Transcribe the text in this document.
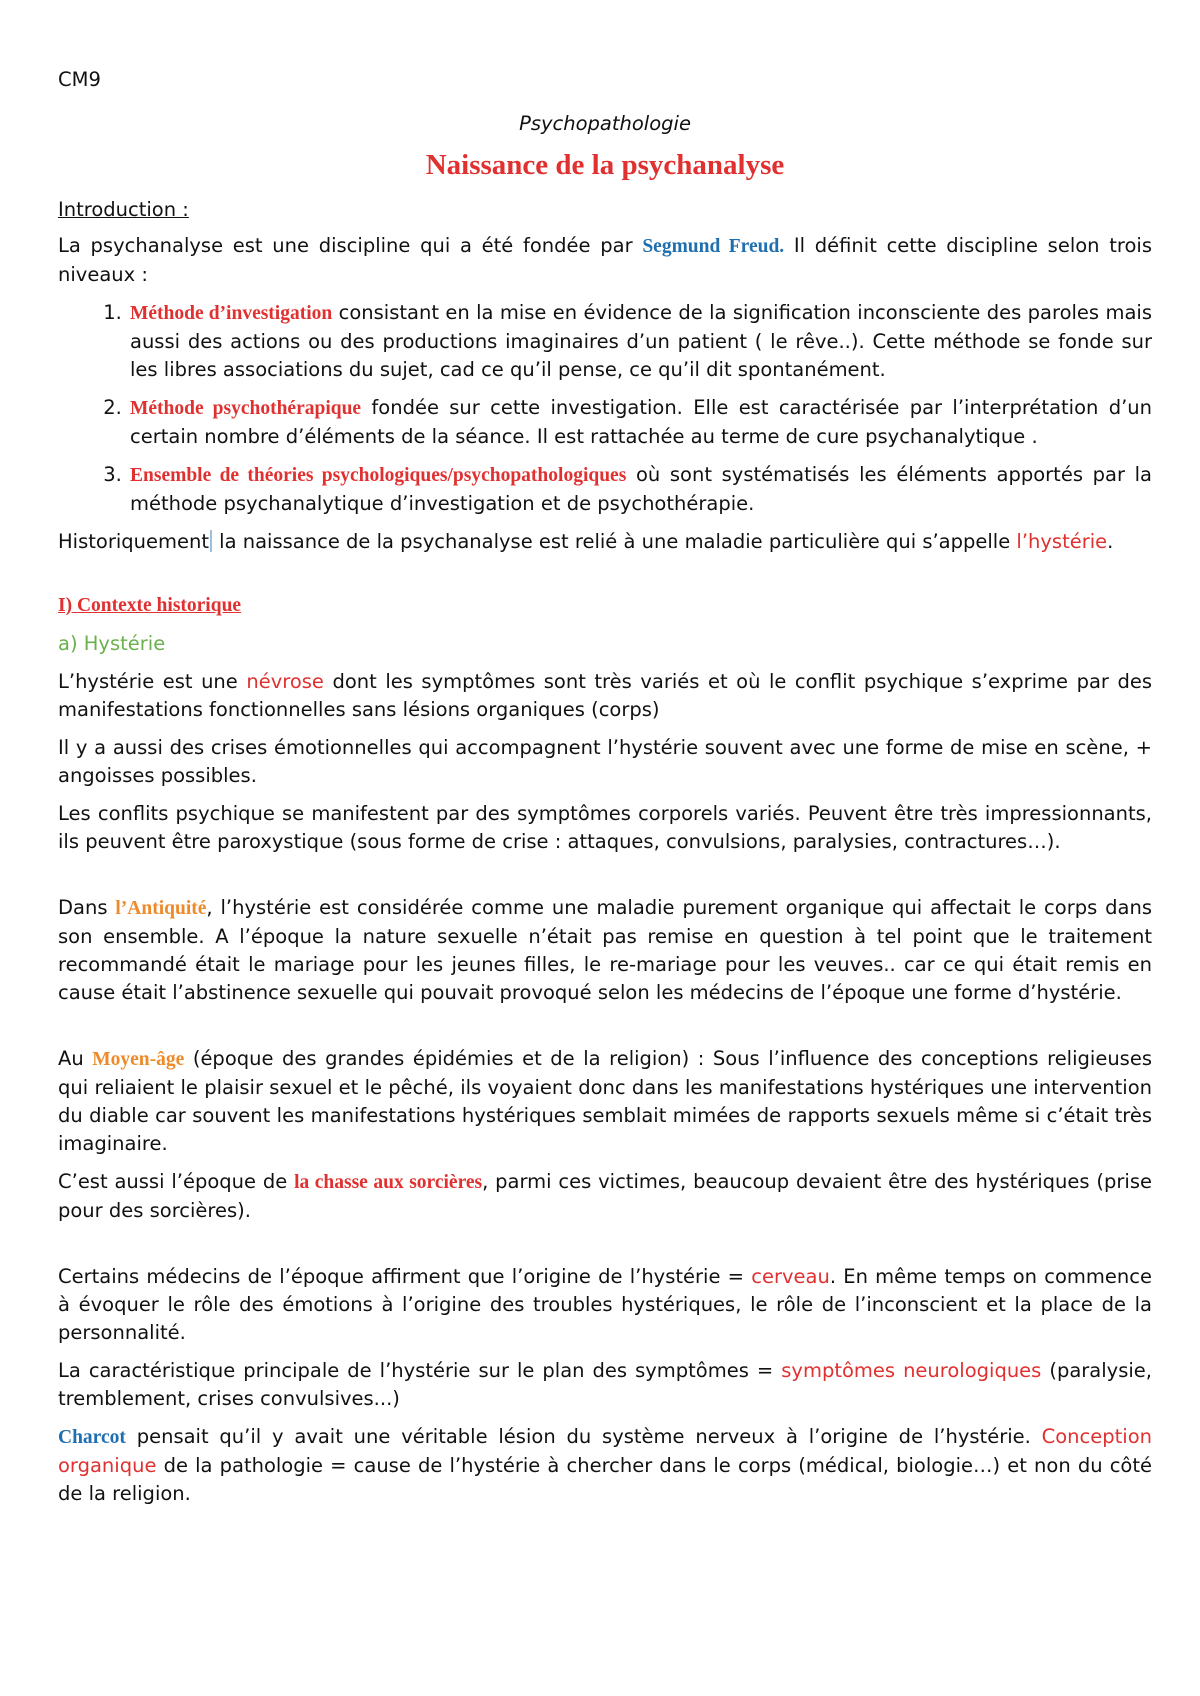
CM9
Psychopathologie
Naissance de la psychanalyse
Introduction :

La psychanalyse est une discipline qui a été fondée par Segmund Freud. Il définit cette discipline selon trois niveaux :

1. Méthode d’investigation consistant en la mise en évidence de la signification inconsciente des paroles mais aussi des actions ou des productions imaginaires d’un patient ( le rêve..). Cette méthode se fonde sur les libres associations du sujet, cad ce qu’il pense, ce qu’il dit spontanément.
2. Méthode psychothérapique fondée sur cette investigation. Elle est caractérisée par l’interprétation d’un certain nombre d’éléments de la séance. Il est rattachée au terme de cure psychanalytique .
3. Ensemble de théories psychologiques/psychopathologiques où sont systématisés les éléments apportés par la méthode psychanalytique d’investigation et de psychothérapie.

Historiquement la naissance de la psychanalyse est relié à une maladie particulière qui s’appelle l’hystérie.

I) Contexte historique
a) Hystérie

L’hystérie est une névrose dont les symptômes sont très variés et où le conflit psychique s’exprime par des manifestations fonctionnelles sans lésions organiques (corps)

Il y a aussi des crises émotionnelles qui accompagnent l’hystérie souvent avec une forme de mise en scène, + angoisses possibles.

Les conflits psychique se manifestent par des symptômes corporels variés. Peuvent être très impressionnants, ils peuvent être paroxystique (sous forme de crise : attaques, convulsions, paralysies, contractures…).

Dans l’Antiquité, l’hystérie est considérée comme une maladie purement organique qui affectait le corps dans son ensemble. A l’époque la nature sexuelle n’était pas remise en question à tel point que le traitement recommandé était le mariage pour les jeunes filles, le re-mariage pour les veuves.. car ce qui était remis en cause était l’abstinence sexuelle qui pouvait provoqué selon les médecins de l’époque une forme d’hystérie.

Au Moyen-âge (époque des grandes épidémies et de la religion) : Sous l’influence des conceptions religieuses qui reliaient le plaisir sexuel et le pêché, ils voyaient donc dans les manifestations hystériques une intervention du diable car souvent les manifestations hystériques semblait mimées de rapports sexuels même si c’était très imaginaire.

C’est aussi l’époque de la chasse aux sorcières, parmi ces victimes, beaucoup devaient être des hystériques (prise pour des sorcières).

Certains médecins de l’époque affirment que l’origine de l’hystérie = cerveau. En même temps on commence à évoquer le rôle des émotions à l’origine des troubles hystériques, le rôle de l’inconscient et la place de la personnalité.

La caractéristique principale de l’hystérie sur le plan des symptômes = symptômes neurologiques (paralysie, tremblement, crises convulsives...)

Charcot pensait qu’il y avait une véritable lésion du système nerveux à l’origine de l’hystérie. Conception organique de la pathologie = cause de l’hystérie à chercher dans le corps (médical, biologie…) et non du côté de la religion.
